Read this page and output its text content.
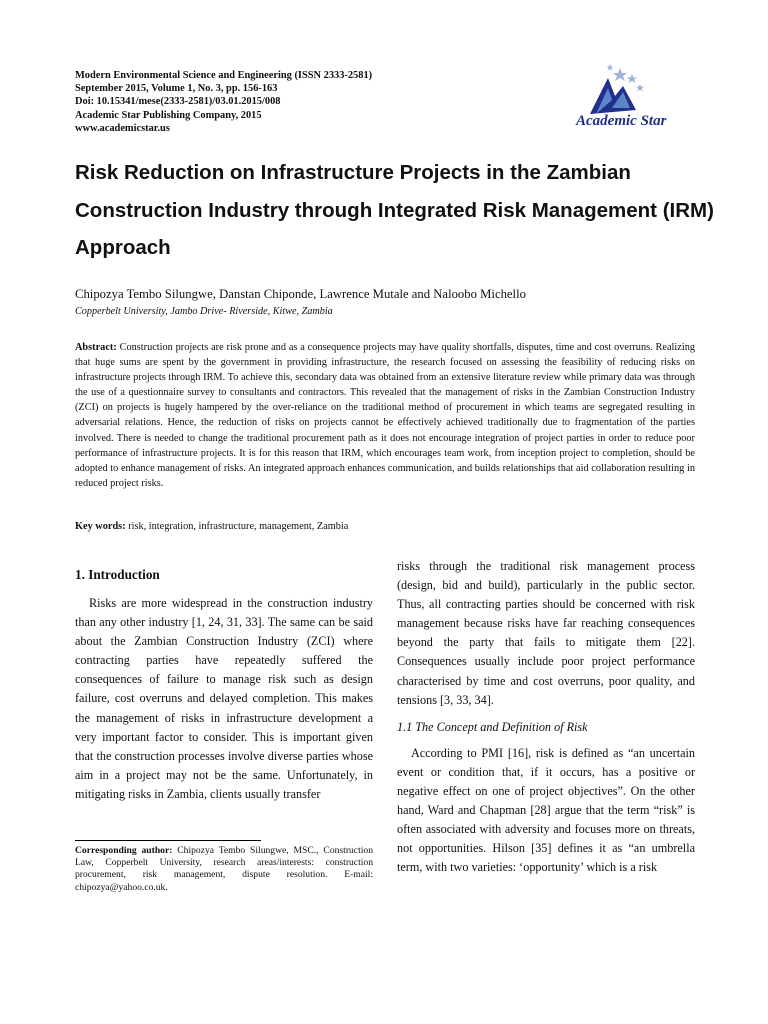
Modern Environmental Science and Engineering (ISSN 2333-2581)
September 2015, Volume 1, No. 3, pp. 156-163
Doi: 10.15341/mese(2333-2581)/03.01.2015/008
Academic Star Publishing Company, 2015
www.academicstar.us	Academic Star
Risk Reduction on Infrastructure Projects in the Zambian Construction Industry through Integrated Risk Management (IRM) Approach
Chipozya Tembo Silungwe, Danstan Chiponde, Lawrence Mutale and Naloobo Michello
Copperbelt University, Jambo Drive- Riverside, Kitwe, Zambia

Abstract: Construction projects are risk prone and as a consequence projects may have quality shortfalls, disputes, time and cost overruns. Realizing that huge sums are spent by the government in providing infrastructure, the research focused on assessing the feasibility of reducing risks on infrastructure projects through IRM. To achieve this, secondary data was obtained from an extensive literature review while primary data was through the use of a questionnaire survey to consultants and contractors. This revealed that the management of risks in the Zambian Construction Industry (ZCI) on projects is hugely hampered by the over-reliance on the traditional method of procurement in which teams are segregated resulting in adversarial relations. Hence, the reduction of risks on projects cannot be effectively achieved traditionally due to fragmentation of the parties involved. There is needed to change the traditional procurement path as it does not encourage integration of project parties in order to reduce poor performance of infrastructure projects. It is for this reason that IRM, which encourages team work, from inception project to completion, should be adopted to enhance management of risks. An integrated approach enhances communication, and builds relationships that aid collaboration resulting in reduced project risks.

Key words: risk, integration, infrastructure, management, Zambia
1. Introduction

Risks are more widespread in the construction industry than any other industry [1, 24, 31, 33]. The same can be said about the Zambian Construction Industry (ZCI) where contracting parties have repeatedly suffered the consequences of failure to manage risk such as design failure, cost overruns and delayed completion. This makes the management of risks in infrastructure development a very important factor to consider. This is important given that the construction processes involve diverse parties whose aim in a project may not be the same. Unfortunately, in mitigating risks in Zambia, clients usually transfer

Corresponding author: Chipozya Tembo Silungwe, MSC., Construction Law, Copperbelt University, research areas/interests: construction procurement, risk management, dispute resolution. E-mail: chipozya@yahoo.co.uk.

risks through the traditional risk management process (design, bid and build), particularly in the public sector. Thus, all contracting parties should be concerned with risk management because risks have far reaching consequences beyond the party that fails to mitigate them [22]. Consequences usually include poor project performance characterised by time and cost overruns, poor quality, and tensions [3, 33, 34].

1.1 The Concept and Definition of Risk

According to PMI [16], risk is defined as “an uncertain event or condition that, if it occurs, has a positive or negative effect on one of project objectives”. On the other hand, Ward and Chapman [28] argue that the term “risk” is often associated with adversity and focuses more on threats, not opportunities. Hilson [35] defines it as “an umbrella term, with two varieties: ‘opportunity’ which is a risk
